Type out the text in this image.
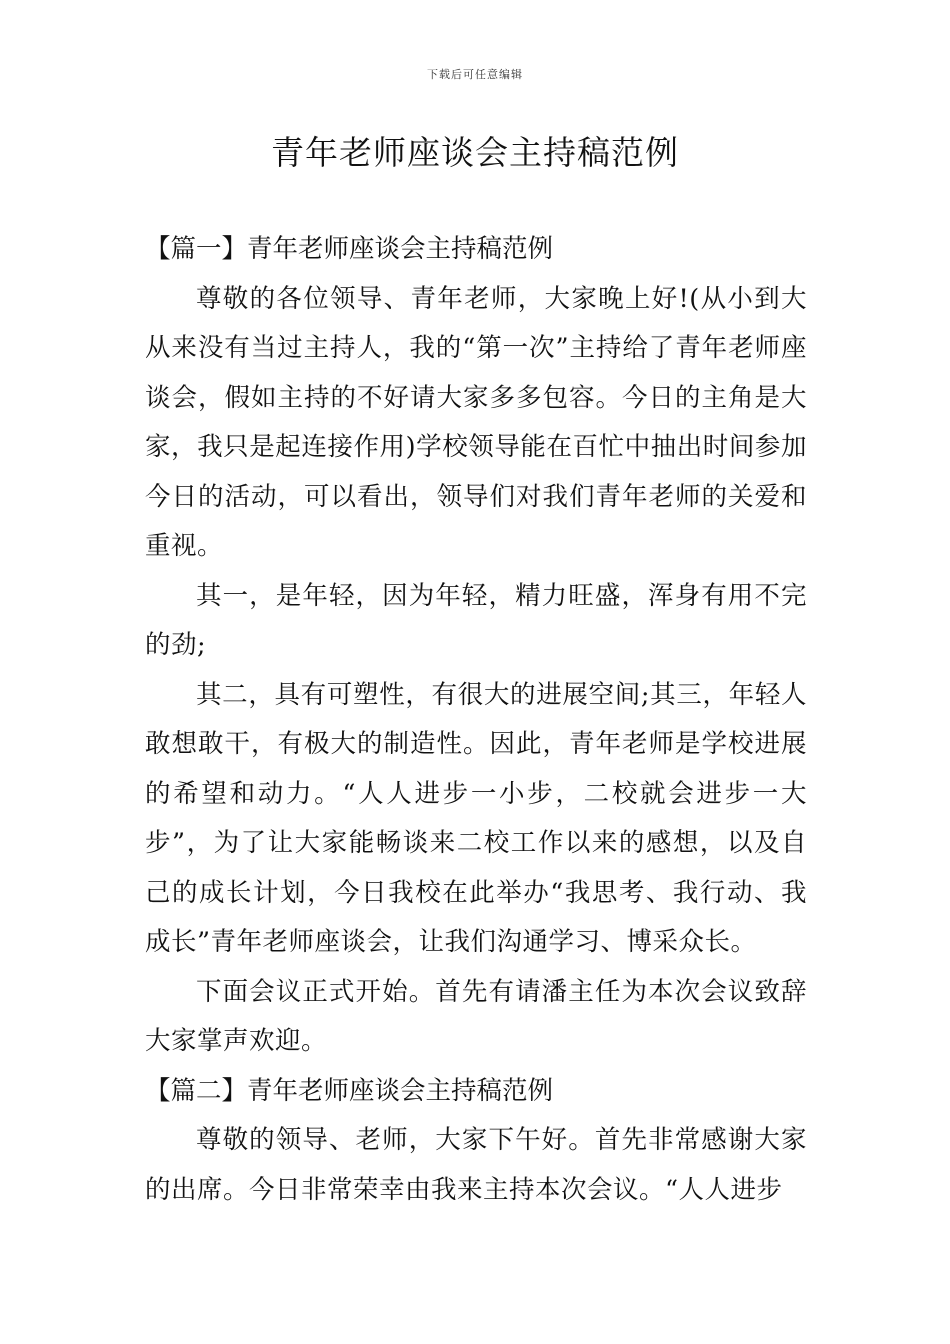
下载后可任意编辑
青年老师座谈会主持稿范例
【篇一】青年老师座谈会主持稿范例

尊敬的各位领导、青年老师，大家晚上好!(从小到大从来没有当过主持人，我的“第一次”主持给了青年老师座谈会，假如主持的不好请大家多多包容。今日的主角是大家，我只是起连接作用)学校领导能在百忙中抽出时间参加今日的活动，可以看出，领导们对我们青年老师的关爱和重视。

其一，是年轻，因为年轻，精力旺盛，浑身有用不完的劲;

其二，具有可塑性，有很大的进展空间;其三，年轻人敢想敢干，有极大的制造性。因此，青年老师是学校进展的希望和动力。“人人进步一小步，二校就会进步一大步”，为了让大家能畅谈来二校工作以来的感想，以及自己的成长计划，今日我校在此举办“我思考、我行动、我成长”青年老师座谈会，让我们沟通学习、博采众长。

下面会议正式开始。首先有请潘主任为本次会议致辞大家掌声欢迎。

【篇二】青年老师座谈会主持稿范例

尊敬的领导、老师，大家下午好。首先非常感谢大家的出席。今日非常荣幸由我来主持本次会议。“人人进步
